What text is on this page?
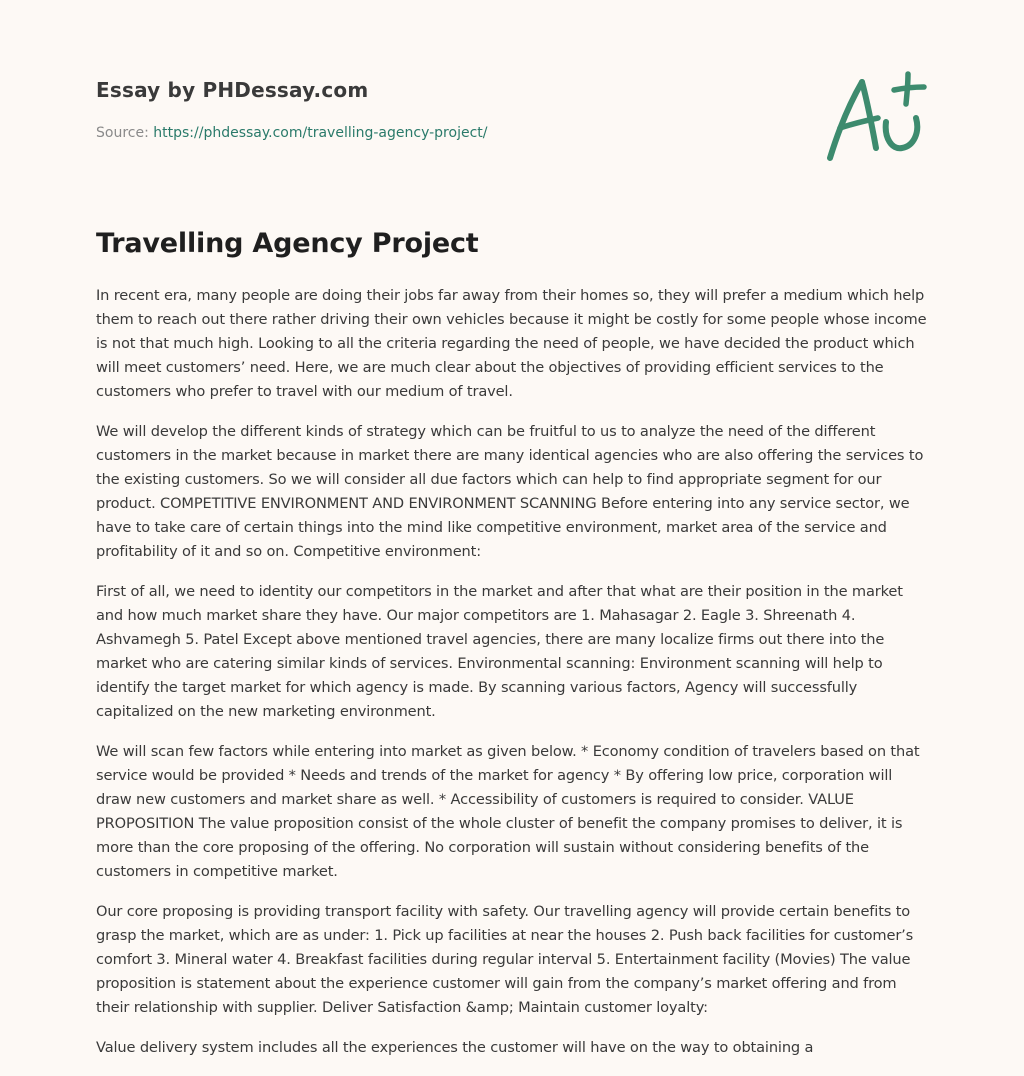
Essay by PHDessay.com
Source: https://phdessay.com/travelling-agency-project/
Travelling Agency Project

In recent era, many people are doing their jobs far away from their homes so, they will prefer a medium which help them to reach out there rather driving their own vehicles because it might be costly for some people whose income is not that much high. Looking to all the criteria regarding the need of people, we have decided the product which will meet customers’ need. Here, we are much clear about the objectives of providing efficient services to the customers who prefer to travel with our medium of travel.

We will develop the different kinds of strategy which can be fruitful to us to analyze the need of the different customers in the market because in market there are many identical agencies who are also offering the services to the existing customers. So we will consider all due factors which can help to find appropriate segment for our product. COMPETITIVE ENVIRONMENT AND ENVIRONMENT SCANNING Before entering into any service sector, we have to take care of certain things into the mind like competitive environment, market area of the service and profitability of it and so on. Competitive environment:

First of all, we need to identity our competitors in the market and after that what are their position in the market and how much market share they have. Our major competitors are 1. Mahasagar 2. Eagle 3. Shreenath 4. Ashvamegh 5. Patel Except above mentioned travel agencies, there are many localize firms out there into the market who are catering similar kinds of services. Environmental scanning: Environment scanning will help to identify the target market for which agency is made. By scanning various factors, Agency will successfully capitalized on the new marketing environment.

We will scan few factors while entering into market as given below. * Economy condition of travelers based on that service would be provided * Needs and trends of the market for agency * By offering low price, corporation will draw new customers and market share as well. * Accessibility of customers is required to consider. VALUE PROPOSITION The value proposition consist of the whole cluster of benefit the company promises to deliver, it is more than the core proposing of the offering. No corporation will sustain without considering benefits of the customers in competitive market.

Our core proposing is providing transport facility with safety. Our travelling agency will provide certain benefits to grasp the market, which are as under: 1. Pick up facilities at near the houses 2. Push back facilities for customer’s comfort 3. Mineral water 4. Breakfast facilities during regular interval 5. Entertainment facility (Movies) The value proposition is statement about the experience customer will gain from the company’s market offering and from their relationship with supplier. Deliver Satisfaction &amp; Maintain customer loyalty:

Value delivery system includes all the experiences the customer will have on the way to obtaining a
